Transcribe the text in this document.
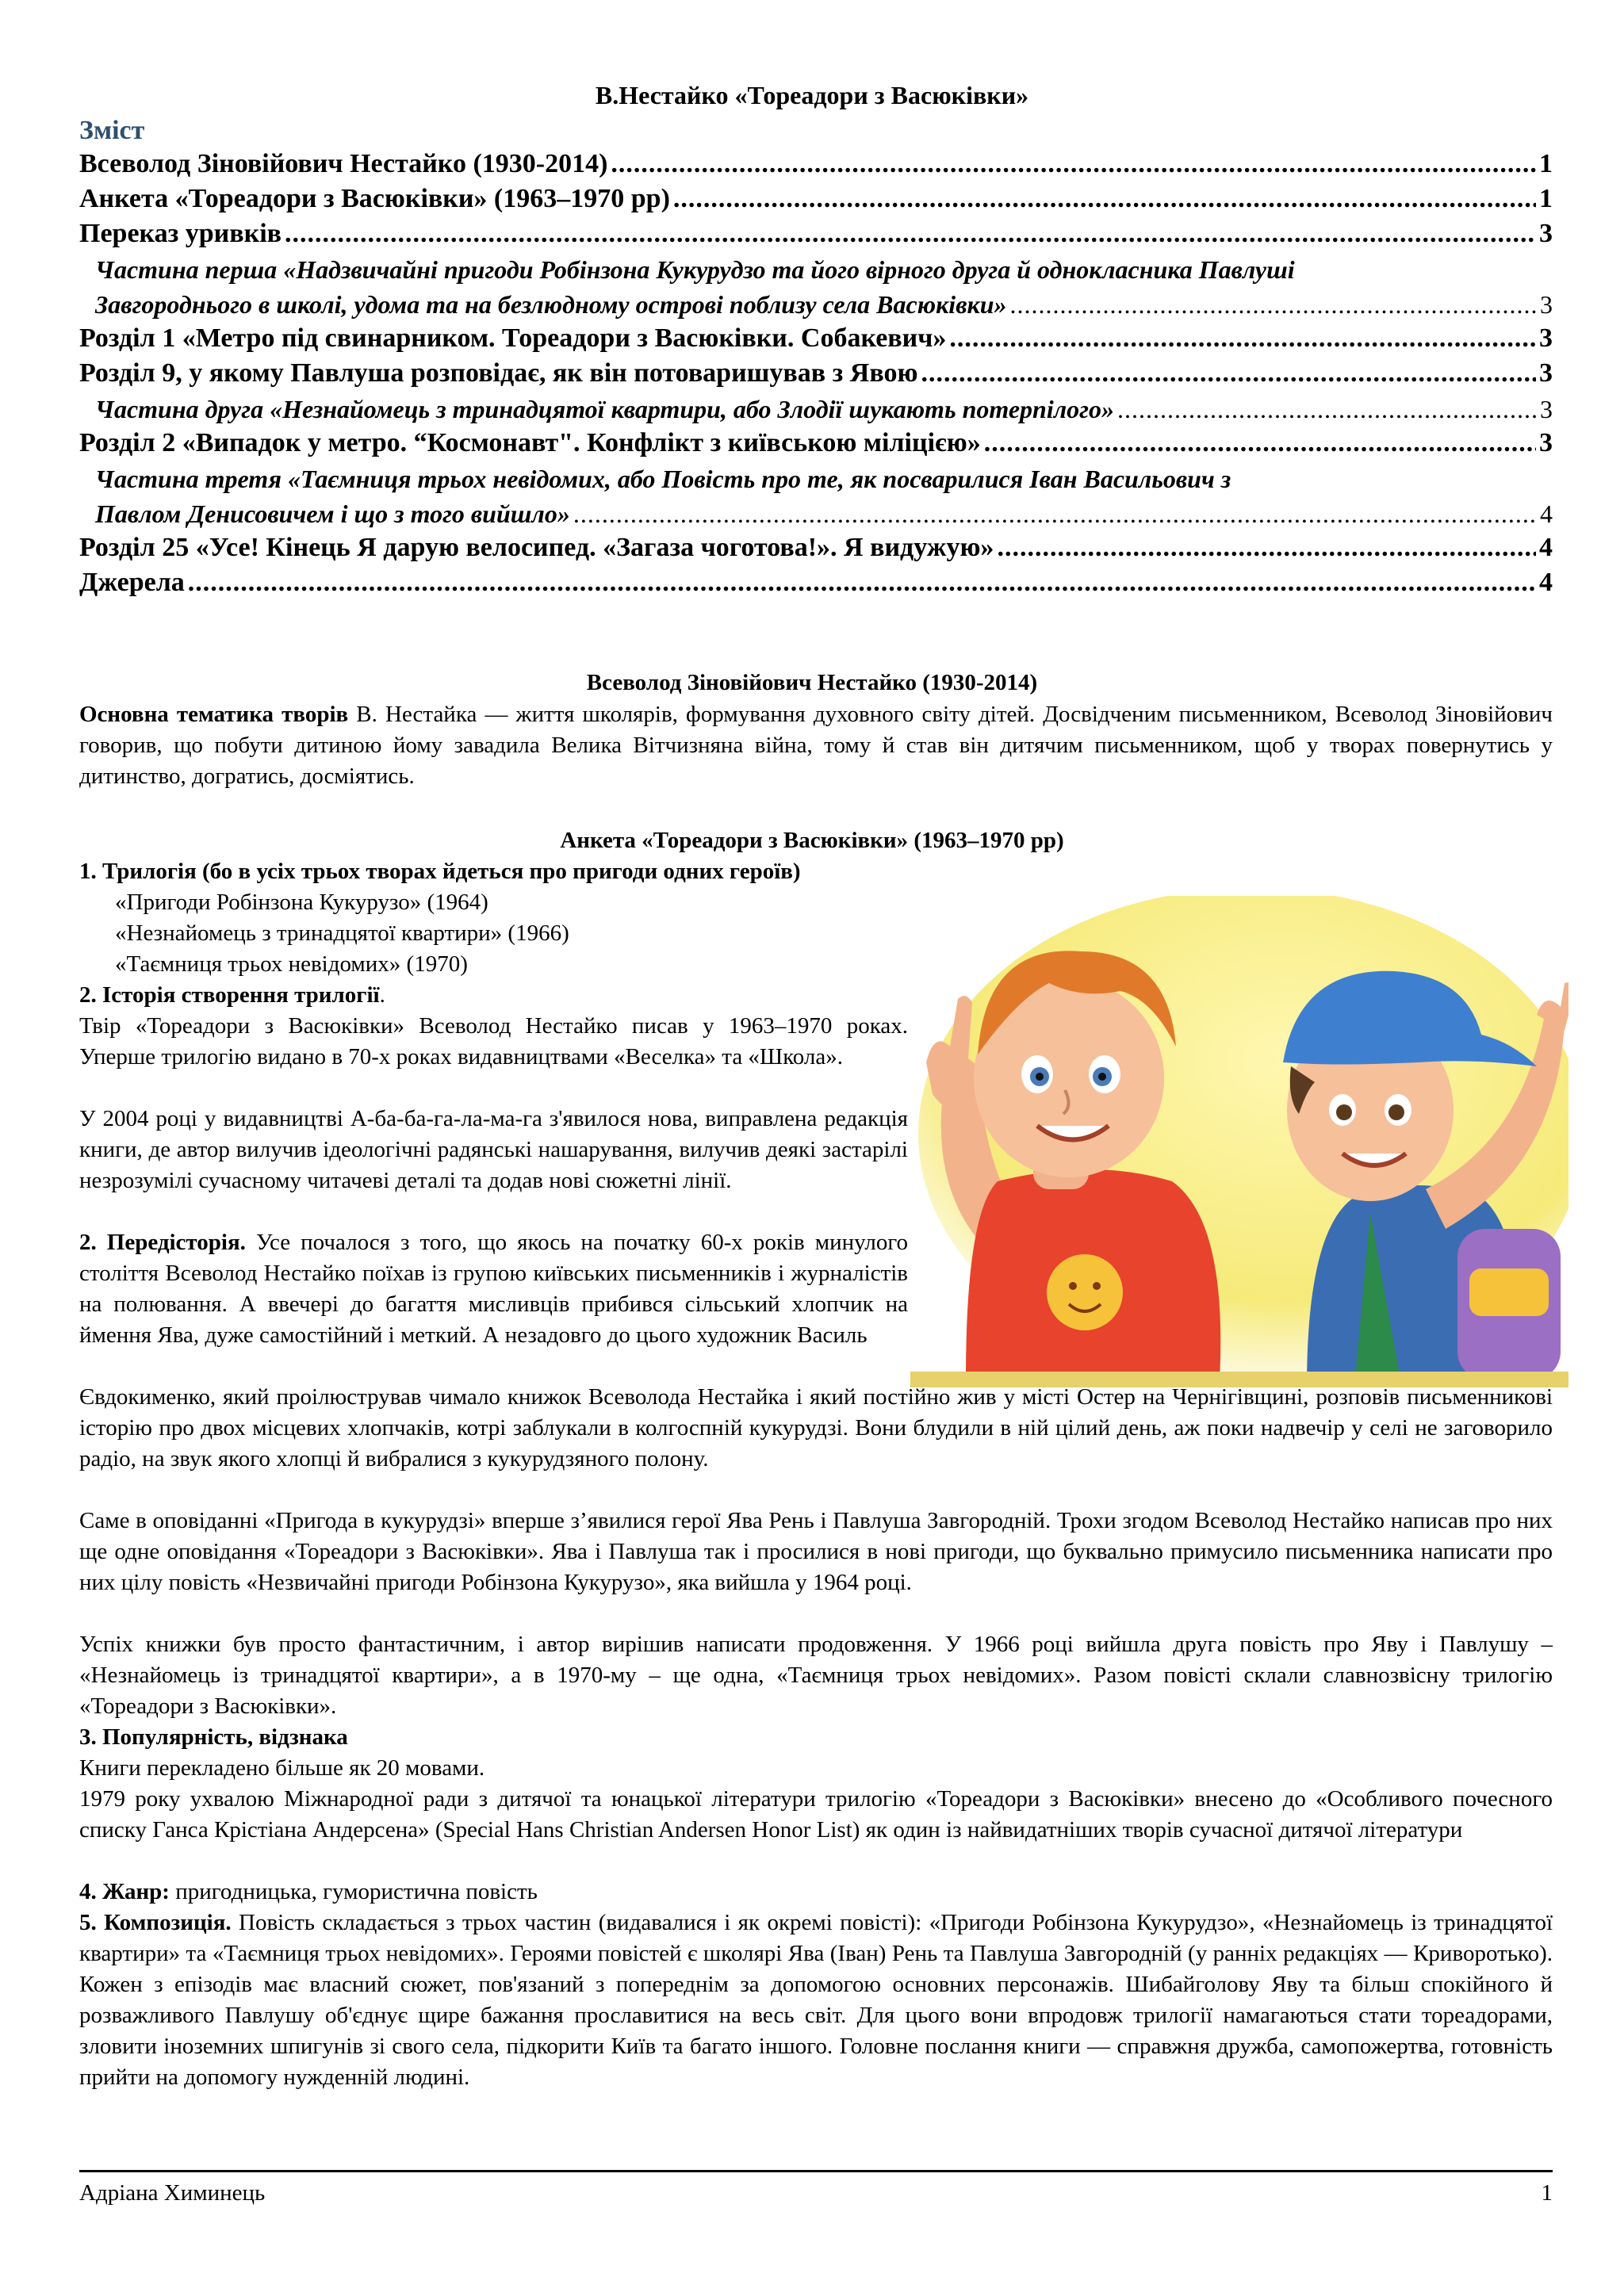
В.Нестайко «Тореадори з Васюківки»
Зміст
Всеволод Зіновійович Нестайко (1930-2014) .....	1
Анкета «Тореадори з Васюківки» (1963–1970 рр) .....	1
Переказ уривків .....	3
Частина перша «Надзвичайні пригоди Робінзона Кукурудзо та його вірного друга й однокласника Павлуші
Завгороднього в школі, удома та на безлюдному острові поблизу села Васюківки» .....	3
Розділ 1 «Метро під свинарником. Тореадори з Васюківки. Собакевич» .....	3
Розділ 9, у якому Павлуша розповідає, як він потоваришував з Явою .....	3
Частина друга «Незнайомець з тринадцятої квартири, або Злодії шукають потерпілого» .....	3
Розділ 2 «Випадок у метро. “Космонавт". Конфлікт з київською міліцією» .....	3
Частина третя «Таємниця трьох невідомих, або Повість про те, як посварилися Іван Васильович з
Павлом Денисовичем і що з того вийшло» .....	4
Розділ 25 «Усе! Кінець Я дарую велосипед. «Загаза чоготова!». Я видужую» .....	4
Джерела .....	4
Всеволод Зіновійович Нестайко (1930-2014)
Основна тематика творів В. Нестайка — життя школярів, формування духовного світу дітей. Досвідченим письменником, Всеволод Зіновійович говорив, що побути дитиною йому завадила Велика Вітчизняна війна, тому й став він дитячим письменником, щоб у творах повернутись у дитинство, догратись, досміятись.
Анкета «Тореадори з Васюківки» (1963–1970 рр)
1. Трилогія (бо в усіх трьох творах йдеться про пригоди одних героїв)
«Пригоди Робінзона Кукурузо» (1964)
«Незнайомець з тринадцятої квартири» (1966)
«Таємниця трьох невідомих» (1970)
2. Історія створення трилогії.
Твір «Тореадори з Васюківки» Всеволод Нестайко писав у 1963–1970 роках. Уперше трилогію видано в 70-х роках видавництвами «Веселка» та «Школа».
У 2004 році у видавництві А-ба-ба-га-ла-ма-га з'явилося нова, виправлена редакція книги, де автор вилучив ідеологічні радянські нашарування, вилучив деякі застарілі незрозумілі сучасному читачеві деталі та додав нові сюжетні лінії.
2. Передісторія. Усе почалося з того, що якось на початку 60-х років минулого століття Всеволод Нестайко поїхав із групою київських письменників і журналістів на полювання. А ввечері до багаття мисливців прибився сільський хлопчик на ймення Ява, дуже самостійний і меткий. А незадовго до цього художник Василь
Євдокименко, який проілюстрував чимало книжок Всеволода Нестайка і який постійно жив у місті Остер на Чернігівщині, розповів письменникові історію про двох місцевих хлопчаків, котрі заблукали в колгоспній кукурудзі. Вони блудили в ній цілий день, аж поки надвечір у селі не заговорило радіо, на звук якого хлопці й вибралися з кукурудзяного полону.
Саме в оповіданні «Пригода в кукурудзі» вперше з’явилися герої Ява Рень і Павлуша Завгородній. Трохи згодом Всеволод Нестайко написав про них ще одне оповідання «Тореадори з Васюківки». Ява і Павлуша так і просилися в нові пригоди, що буквально примусило письменника написати про них цілу повість «Незвичайні пригоди Робінзона Кукурузо», яка вийшла у 1964 році.
Успіх книжки був просто фантастичним, і автор вирішив написати продовження. У 1966 році вийшла друга повість про Яву і Павлушу – «Незнайомець із тринадцятої квартири», а в 1970-му – ще одна, «Таємниця трьох невідомих». Разом повісті склали славнозвісну трилогію «Тореадори з Васюківки».
3. Популярність, відзнака
Книги перекладено більше як 20 мовами.
1979 року ухвалою Міжнародної ради з дитячої та юнацької літератури трилогію «Тореадори з Васюківки» внесено до «Особливого почесного списку Ганса Крістіана Андерсена» (Special Hans Christian Andersen Honor List) як один із найвидатніших творів сучасної дитячої літератури
4. Жанр: пригодницька, гумористична повість
5. Композиція. Повість складається з трьох частин (видавалися і як окремі повісті): «Пригоди Робінзона Кукурудзо», «Незнайомець із тринадцятої квартири» та «Таємниця трьох невідомих». Героями повістей є школярі Ява (Іван) Рень та Павлуша Завгородній (у ранніх редакціях — Криворотько). Кожен з епізодів має власний сюжет, пов'язаний з попереднім за допомогою основних персонажів. Шибайголову Яву та більш спокійного й розважливого Павлушу об'єднує щире бажання прославитися на весь світ. Для цього вони впродовж трилогії намагаються стати тореадорами, зловити іноземних шпигунів зі свого села, підкорити Київ та багато іншого. Головне послання книги — справжня дружба, самопожертва, готовність прийти на допомогу нужденній людині.
Адріана Химинець	1
